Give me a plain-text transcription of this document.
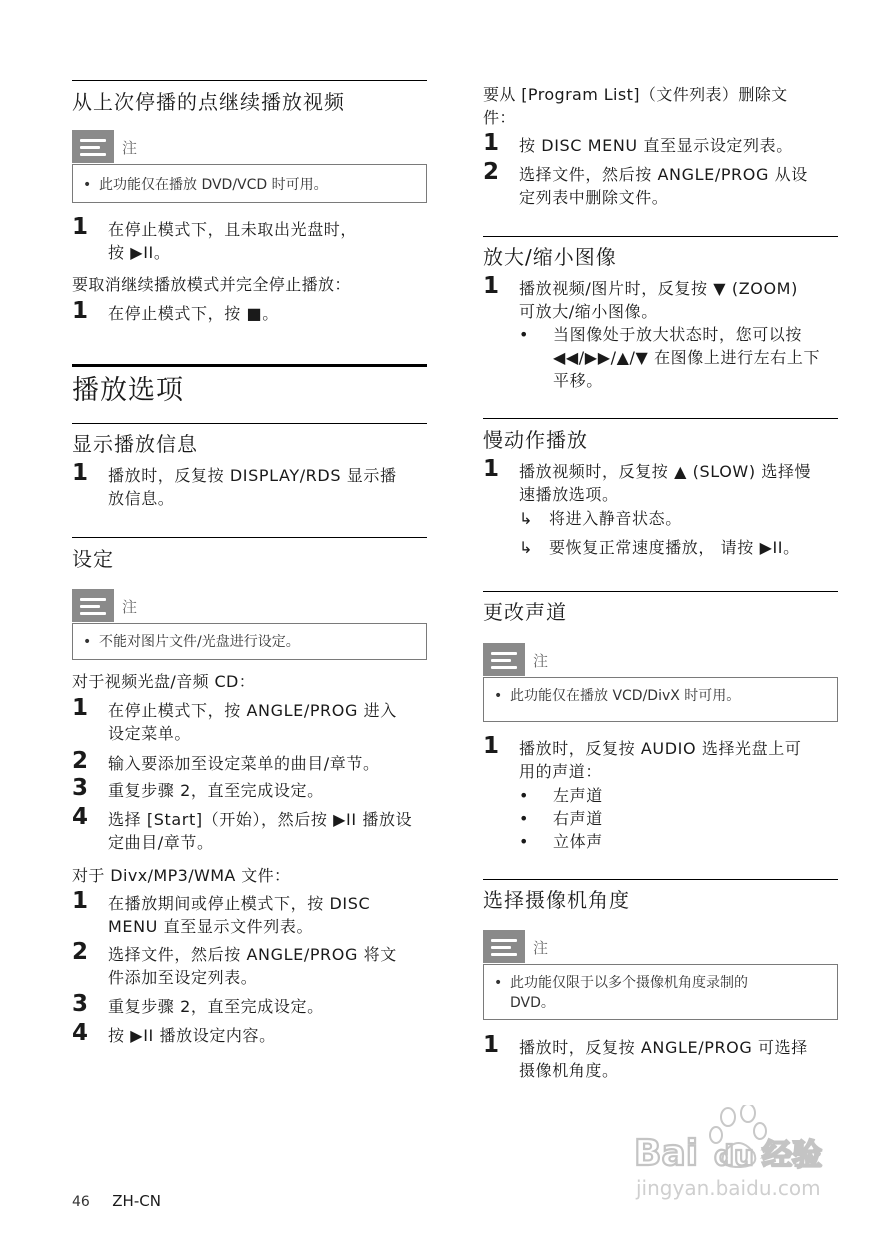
从上次停播的点继续播放视频
注
• 此功能仅在播放 DVD/VCD 时可用。
1 在停止模式下，且未取出光盘时，
按 ▶II。
要取消继续播放模式并完全停止播放：
1 在停止模式下，按 ■。
播放选项
显示播放信息
1 播放时，反复按 DISPLAY/RDS 显示播
放信息。
设定
注
• 不能对图片文件/光盘进行设定。
对于视频光盘/音频 CD：
1 在停止模式下，按 ANGLE/PROG 进入
设定菜单。
2 输入要添加至设定菜单的曲目/章节。
3 重复步骤 2，直至完成设定。
4 选择 [Start]（开始），然后按 ▶II 播放设
定曲目/章节。
对于 Divx/MP3/WMA 文件：
1 在播放期间或停止模式下，按 DISC
MENU 直至显示文件列表。
2 选择文件，然后按 ANGLE/PROG 将文
件添加至设定列表。
3 重复步骤 2，直至完成设定。
4 按 ▶II 播放设定内容。
要从 [Program List]（文件列表）删除文
件：
1 按 DISC MENU 直至显示设定列表。
2 选择文件，然后按 ANGLE/PROG 从设
定列表中删除文件。
放大/缩小图像
1 播放视频/图片时，反复按 ▼ (ZOOM)
可放大/缩小图像。
•	当图像处于放大状态时，您可以按
◀◀/▶▶/▲/▼ 在图像上进行左右上下
平移。
慢动作播放
1 播放视频时，反复按 ▲ (SLOW) 选择慢
速播放选项。
↳ 将进入静音状态。
↳ 要恢复正常速度播放， 请按 ▶II。
更改声道
注
• 此功能仅在播放 VCD/DivX 时可用。
1 播放时，反复按 AUDIO 选择光盘上可
用的声道：
•	左声道
•	右声道
•	立体声
选择摄像机角度
注
• 此功能仅限于以多个摄像机角度录制的
DVD。
1 播放时，反复按 ANGLE/PROG 可选择
摄像机角度。
46 ZH-CN
Bai du 经验
jingyan.baidu.com
